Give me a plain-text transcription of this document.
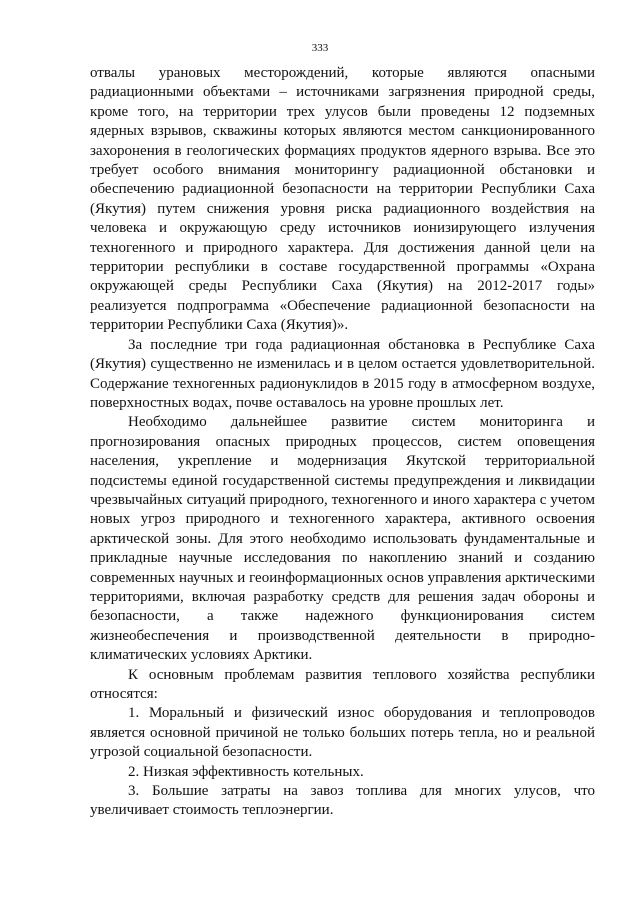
333

отвалы урановых месторождений, которые являются опасными радиационными объектами – источниками загрязнения природной среды, кроме того, на территории трех улусов были проведены 12 подземных ядерных взрывов, скважины которых являются местом санкционированного захоронения в геологических формациях продуктов ядерного взрыва. Все это требует особого внимания мониторингу радиационной обстановки и обеспечению радиационной безопасности на территории Республики Саха (Якутия) путем снижения уровня риска радиационного воздействия на человека и окружающую среду источников ионизирующего излучения техногенного и природного характера. Для достижения данной цели на территории республики в составе государственной программы «Охрана окружающей среды Республики Саха (Якутия) на 2012-2017 годы» реализуется подпрограмма «Обеспечение радиационной безопасности на территории Республики Саха (Якутия)».

За последние три года радиационная обстановка в Республике Саха (Якутия) существенно не изменилась и в целом остается удовлетворительной. Содержание техногенных радионуклидов в 2015 году в атмосферном воздухе, поверхностных водах, почве оставалось на уровне прошлых лет.

Необходимо дальнейшее развитие систем мониторинга и прогнозирования опасных природных процессов, систем оповещения населения, укрепление и модернизация Якутской территориальной подсистемы единой государственной системы предупреждения и ликвидации чрезвычайных ситуаций природного, техногенного и иного характера с учетом новых угроз природного и техногенного характера, активного освоения арктической зоны. Для этого необходимо использовать фундаментальные и прикладные научные исследования по накоплению знаний и созданию современных научных и геоинформационных основ управления арктическими территориями, включая разработку средств для решения задач обороны и безопасности, а также надежного функционирования систем жизнеобеспечения и производственной деятельности в природно-климатических условиях Арктики.

К основным проблемам развития теплового хозяйства республики относятся:

1. Моральный и физический износ оборудования и теплопроводов является основной причиной не только больших потерь тепла, но и реальной угрозой социальной безопасности.

2. Низкая эффективность котельных.

3. Большие затраты на завоз топлива для многих улусов, что увеличивает стоимость теплоэнергии.
